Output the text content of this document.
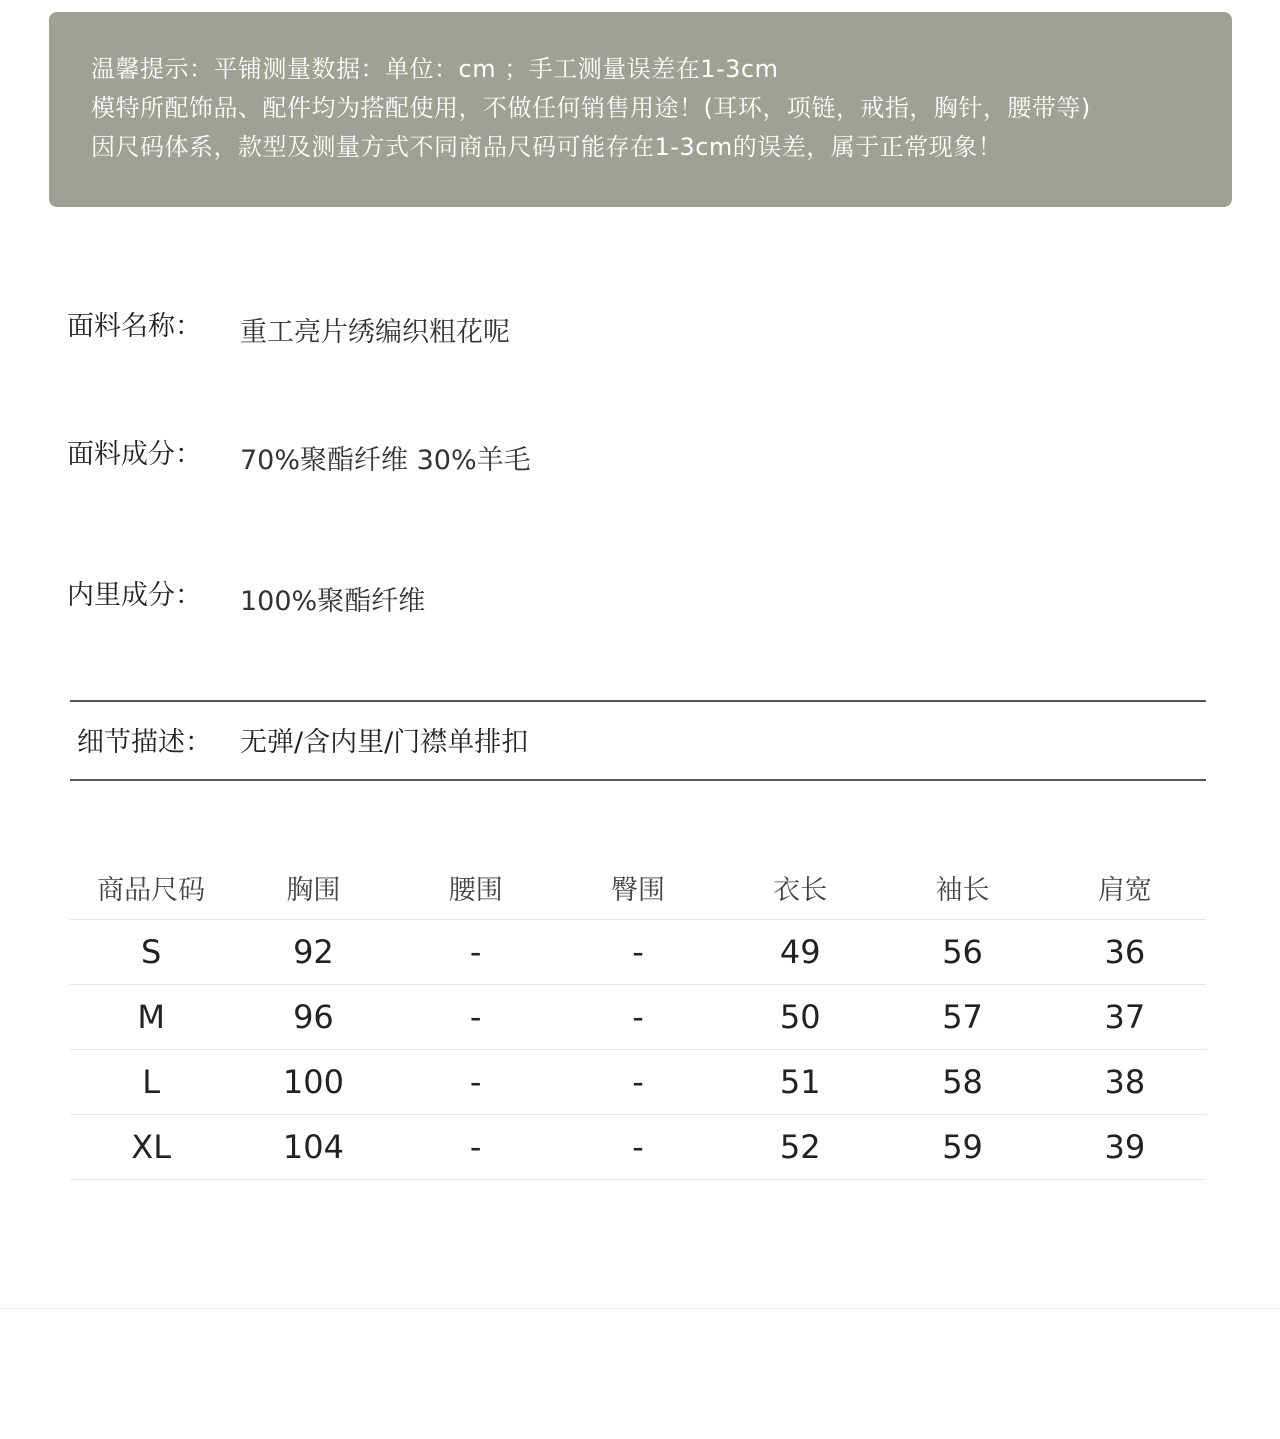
温馨提示：平铺测量数据：单位：cm ；手工测量误差在1-3cm
模特所配饰品、配件均为搭配使用，不做任何销售用途！(耳环，项链，戒指，胸针，腰带等)
因尺码体系，款型及测量方式不同商品尺码可能存在1-3cm的误差，属于正常现象！
面料名称： 重工亮片绣编织粗花呢
面料成分： 70%聚酯纤维 30%羊毛
内里成分： 100%聚酯纤维
细节描述： 无弹/含内里/门襟单排扣
商品尺码	胸围	腰围	臀围	衣长	袖长	肩宽
S	92	-	-	49	56	36
M	96	-	-	50	57	37
L	100	-	-	51	58	38
XL	104	-	-	52	59	39
